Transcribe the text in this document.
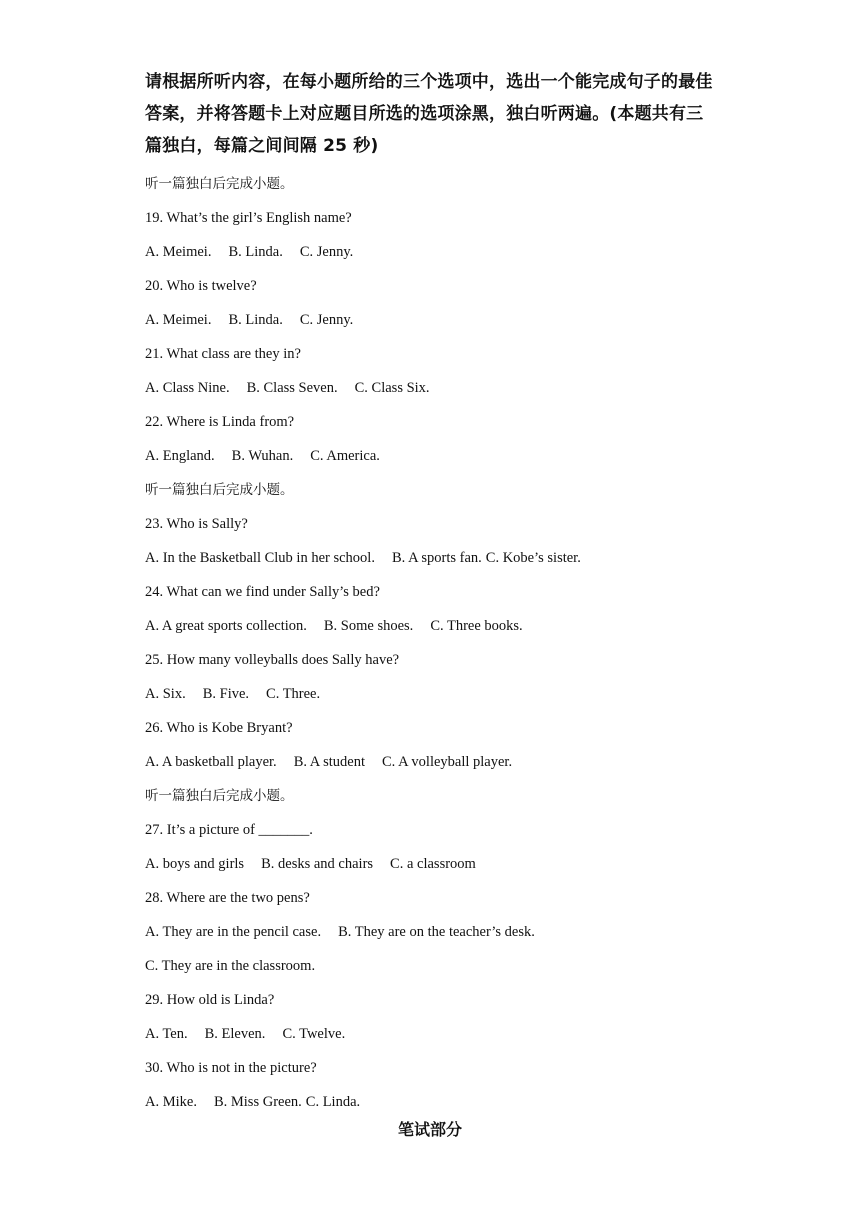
请根据所听内容，在每小题所给的三个选项中，选出一个能完成句子的最佳
答案，并将答题卡上对应题目所选的选项涂黑，独白听两遍。(本题共有三
篇独白，每篇之间间隔 25 秒)
听一篇独白后完成小题。
19. What’s the girl’s English name?
A. Meimei. B. Linda. C. Jenny.
20. Who is twelve?
A. Meimei. B. Linda. C. Jenny.
21. What class are they in?
A. Class Nine. B. Class Seven. C. Class Six.
22. Where is Linda from?
A. England. B. Wuhan. C. America.
听一篇独白后完成小题。
23. Who is Sally?
A. In the Basketball Club in her school. B. A sports fan. C. Kobe’s sister.
24. What can we find under Sally’s bed?
A. A great sports collection. B. Some shoes. C. Three books.
25. How many volleyballs does Sally have?
A. Six. B. Five. C. Three.
26. Who is Kobe Bryant?
A. A basketball player. B. A student C. A volleyball player.
听一篇独白后完成小题。
27. It’s a picture of _______.
A. boys and girls B. desks and chairs C. a classroom
28. Where are the two pens?
A. They are in the pencil case. B. They are on the teacher’s desk.
C. They are in the classroom.
29. How old is Linda?
A. Ten. B. Eleven. C. Twelve.
30. Who is not in the picture?
A. Mike. B. Miss Green. C. Linda.
笔试部分
